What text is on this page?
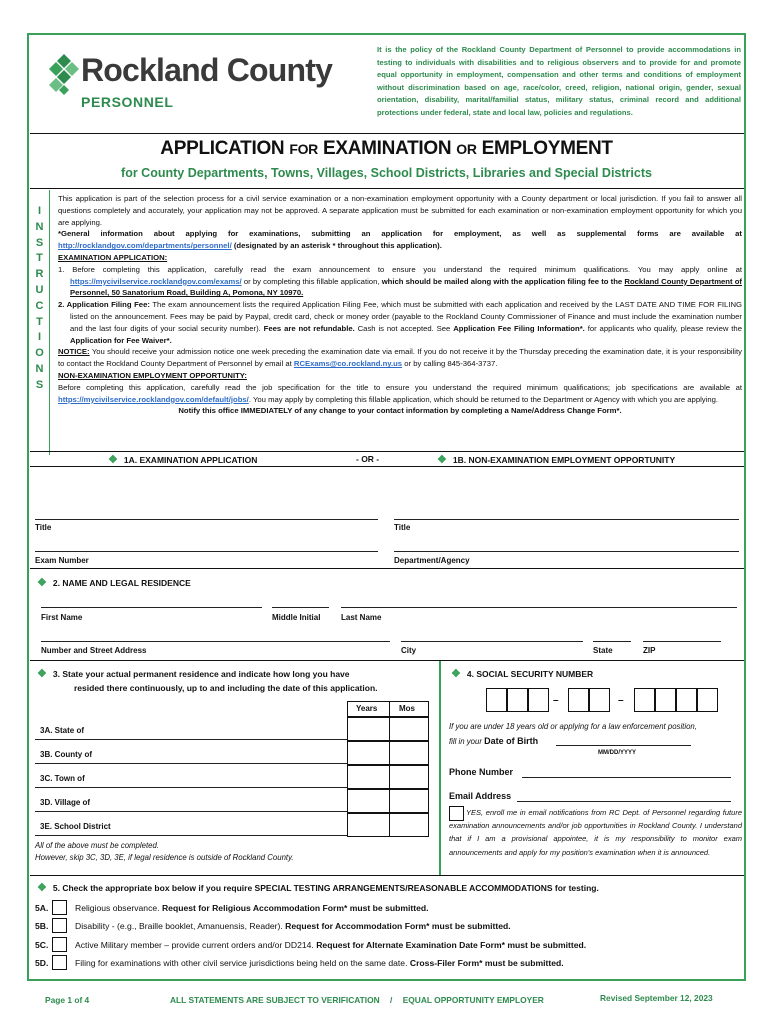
Rockland County
PERSONNEL
It is the policy of the Rockland County Department of Personnel to provide accommodations in testing to individuals with disabilities and to religious observers and to provide for and promote equal opportunity in employment, compensation and other terms and conditions of employment without discrimination based on age, race/color, creed, religion, national origin, gender, sexual orientation, disability, marital/familial status, military status, criminal record and additional protections under federal, state and local law, policies and regulations.
APPLICATION FOR EXAMINATION OR EMPLOYMENT
for County Departments, Towns, Villages, School Districts, Libraries and Special Districts
I
N
S
T
R
U
C
T
I
O
N
S

This application is part of the selection process for a civil service examination or a non-examination employment opportunity with a County department or local jurisdiction. If you fail to answer all questions completely and accurately, your application may not be approved. A separate application must be submitted for each examination or non-examination employment opportunity for which you are applying.

*General information about applying for examinations, submitting an application for employment, as well as supplemental forms are available at http://rocklandgov.com/departments/personnel/ (designated by an asterisk * throughout this application).

EXAMINATION APPLICATION:

1. Before completing this application, carefully read the exam announcement to ensure you understand the required minimum qualifications. You may apply online at https://mycivilservice.rocklandgov.com/exams/ or by completing this fillable application, which should be mailed along with the application filing fee to the Rockland County Department of Personnel, 50 Sanatorium Road, Building A, Pomona, NY 10970.

2. Application Filing Fee: The exam announcement lists the required Application Filing Fee, which must be submitted with each application and received by the LAST DATE AND TIME FOR FILING listed on the announcement. Fees may be paid by Paypal, credit card, check or money order (payable to the Rockland County Commissioner of Finance and must include the examination number and the last four digits of your social security number). Fees are not refundable. Cash is not accepted. See Application Fee Filing Information*. for applicants who qualify, please review the Application for Fee Waiver*.

NOTICE: You should receive your admission notice one week preceding the examination date via email. If you do not receive it by the Thursday preceding the examination date, it is your responsibility to contact the Rockland County Department of Personnel by email at RCExams@co.rockland.ny.us or by calling 845-364-3737.

NON-EXAMINATION EMPLOYMENT OPPORTUNITY:

Before completing this application, carefully read the job specification for the title to ensure you understand the required minimum qualifications; job specifications are available at https://mycivilservice.rocklandgov.com/default/jobs/. You may apply by completing this fillable application, which should be returned to the Department or Agency with which you are applying.

Notify this office IMMEDIATELY of any change to your contact information by completing a Name/Address Change Form*.

❖ 1A. EXAMINATION APPLICATION	- OR -	❖ 1B. NON-EXAMINATION EMPLOYMENT OPPORTUNITY
Title	Title
Exam Number	Department/Agency
❖ 2. NAME AND LEGAL RESIDENCE
First Name	Middle Initial	Last Name
Number and Street Address	City	State	ZIP
❖ 3. State your actual permanent residence and indicate how long you have
resided there continuously, up to and including the date of this application.
Years	Mos
3A. State of
3B. County of
3C. Town of
3D. Village of
3E. School District
All of the above must be completed.
However, skip 3C, 3D, 3E, if legal residence is outside of Rockland County.
❖ 4. SOCIAL SECURITY NUMBER
–	–
If you are under 18 years old or applying for a law enforcement position,
fill in your Date of Birth
MM/DD/YYYY
Phone Number
Email Address
YES, enroll me in email notifications from RC Dept. of Personnel regarding future examination announcements and/or job opportunities in Rockland County. I understand that if I am a provisional appointee, it is my responsibility to monitor exam announcements and apply for my position's examination when it is announced.
❖ 5. Check the appropriate box below if you require SPECIAL TESTING ARRANGEMENTS/REASONABLE ACCOMMODATIONS for testing.
5A.	Religious observance. Request for Religious Accommodation Form* must be submitted.
5B.	Disability - (e.g., Braille booklet, Amanuensis, Reader). Request for Accommodation Form* must be submitted.
5C.	Active Military member – provide current orders and/or DD214. Request for Alternate Examination Date Form* must be submitted.
5D.	Filing for examinations with other civil service jurisdictions being held on the same date. Cross-Filer Form* must be submitted.
Page 1 of 4	ALL STATEMENTS ARE SUBJECT TO VERIFICATION / EQUAL OPPORTUNITY EMPLOYER	Revised September 12, 2023
